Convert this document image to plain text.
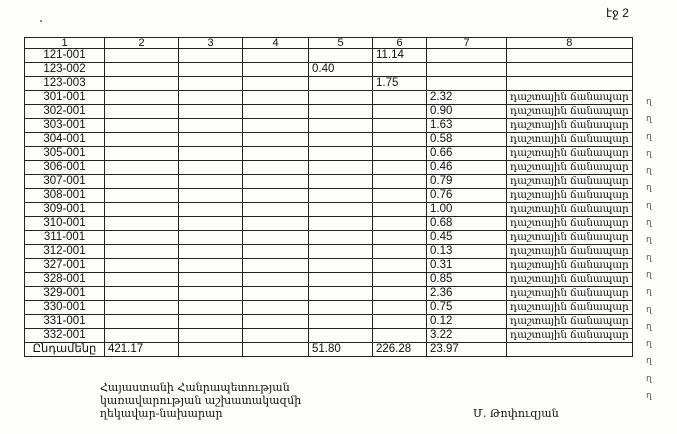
էջ 2
1	2	3	4	5	6	7	8
121-001					11.14		
123-002				0.40			
123-003					1.75		
301-001						2.32	դաշտային ճանապար
302-001						0.90	դաշտային ճանապար
303-001						1.63	դաշտային ճանապար
304-001						0.58	դաշտային ճանապար
305-001						0.66	դաշտային ճանապար
306-001						0.46	դաշտային ճանապար
307-001						0.79	դաշտային ճանապար
308-001						0.76	դաշտային ճանապար
309-001						1.00	դաշտային ճանապար
310-001						0.68	դաշտային ճանապար
311-001						0.45	դաշտային ճանապար
312-001						0.13	դաշտային ճանապար
327-001						0.31	դաշտային ճանապար
328-001						0.85	դաշտային ճանապար
329-001						2.36	դաշտային ճանապար
330-001						0.75	դաշտային ճանապար
331-001						0.12	դաշտային ճանապար
332-001						3.22	դաշտային ճանապար
Ընդամենը	421.17			51.80	226.28	23.97	
ղ
ղ
ղ
ղ
ղ
ղ
ղ
ղ
ղ
ղ
ղ
ղ
ղ
ղ
ղ
ղ
ղ
ղ
Հայաստանի Հանրապետության
կառավարության աշխատակազմի
ղեկավար-նախարար	Մ. Թոփուզյան
